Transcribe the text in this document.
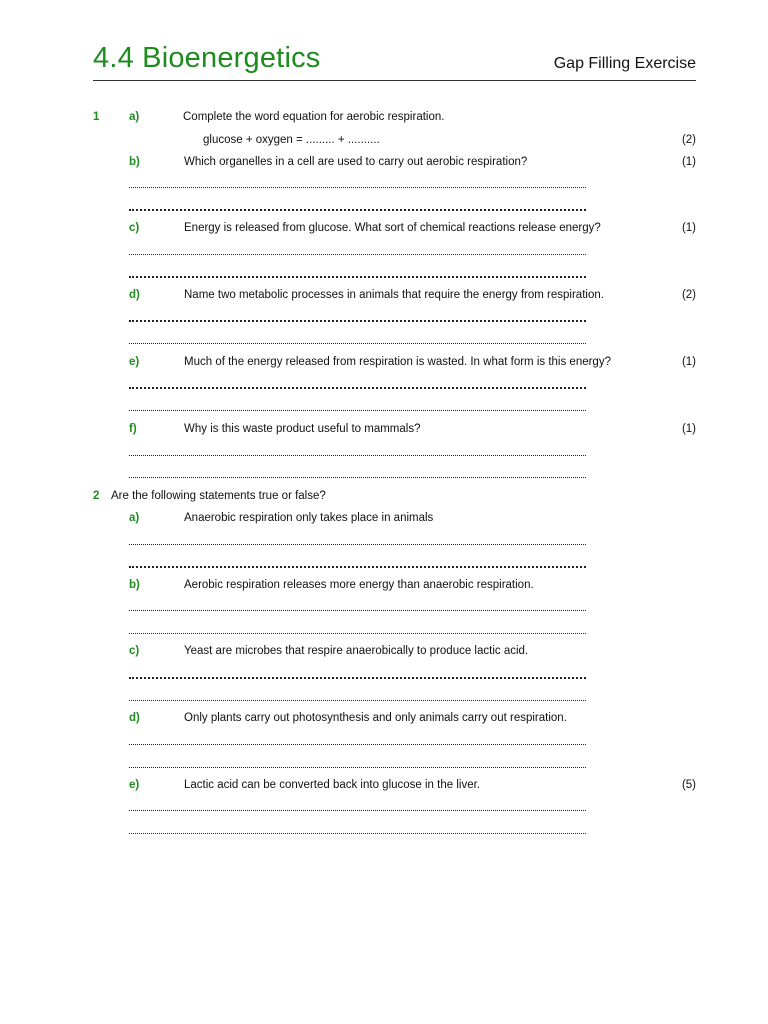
4.4 Bioenergetics	Gap Filling Exercise
1	a)	Complete the word equation for aerobic respiration.
glucose + oxygen = ......... + ..........	(2)
b)	Which organelles in a cell are used to carry out aerobic respiration?	(1)
c)	Energy is released from glucose. What sort of chemical reactions release energy?	(1)
d)	Name two metabolic processes in animals that require the energy from respiration.	(2)
e)	Much of the energy released from respiration is wasted. In what form is this energy?	(1)
f)	Why is this waste product useful to mammals?	(1)
2 Are the following statements true or false?
a)	Anaerobic respiration only takes place in animals
b)	Aerobic respiration releases more energy than anaerobic respiration.
c)	Yeast are microbes that respire anaerobically to produce lactic acid.
d)	Only plants carry out photosynthesis and only animals carry out respiration.
e)	Lactic acid can be converted back into glucose in the liver.	(5)
